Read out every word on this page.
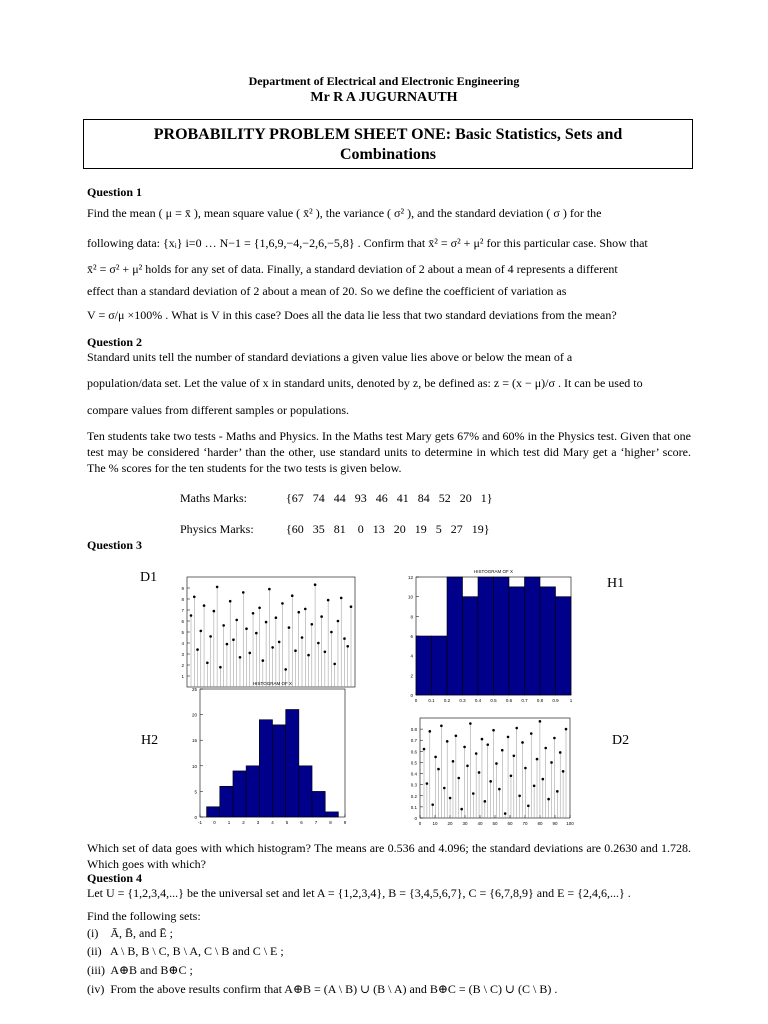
Department of Electrical and Electronic Engineering
Mr R A JUGURNAUTH
PROBABILITY PROBLEM SHEET ONE: Basic Statistics, Sets and
Combinations
Question 1
Find the mean ( μ = x̄ ), mean square value ( x̄² ), the variance ( σ² ), and the standard deviation ( σ ) for the
following data: {xᵢ} i=0 … N−1 = {1,6,9,−4,−2,6,−5,8} . Confirm that x̄² = σ² + μ² for this particular case. Show that
x̄² = σ² + μ² holds for any set of data. Finally, a standard deviation of 2 about a mean of 4 represents a different
effect than a standard deviation of 2 about a mean of 20. So we define the coefficient of variation as
V = σ/μ ×100% . What is V in this case? Does all the data lie less that two standard deviations from the mean?
Question 2
Standard units tell the number of standard deviations a given value lies above or below the mean of a
population/data set. Let the value of x in standard units, denoted by z, be defined as: z = (x − μ)/σ . It can be used to
compare values from different samples or populations.
Ten students take two tests - Maths and Physics. In the Maths test Mary gets 67% and 60% in the Physics test. Given that one test may be considered ‘harder’ than the other, use standard units to determine in which test did Mary get a ‘higher’ score. The % scores for the ten students for the two tests is given below.
Maths Marks:	{67   74   44   93   46   41   84   52   20   1}
Physics Marks:	{60   35   81    0   13   20   19   5   27   19}
Question 3
D1	H1
H2	D2
1
2
3
4
5
6
7
8
9
0
2
4
6
8
10
12
0 0.1 0.2 0.3 0.4 0.5 0.6 0.7 0.8 0.9 1
HISTOGRAM OF X
0
5
10
15
20
25
-1 0	1	2	3	4	5	6	7	8	9
HISTOGRAM OF X
0
0.1
0.2
0.3
0.4
0.5
0.6
0.7
0.8
0 10 20 30 40 50 60 70 80 90 100
Which set of data goes with which histogram? The means are 0.536 and 4.096; the standard deviations are 0.2630 and 1.728. Which goes with which?
Question 4
Let U = {1,2,3,4,...} be the universal set and let A = {1,2,3,4}, B = {3,4,5,6,7}, C = {6,7,8,9} and E = {2,4,6,...} .
Find the following sets:
(i)    Ā, B̄, and Ē ;
(ii)   A \ B, B \ C, B \ A, C \ B and C \ E ;
(iii)  A⊕B and B⊕C ;
(iv)  From the above results confirm that A⊕B = (A \ B) ∪ (B \ A) and B⊕C = (B \ C) ∪ (C \ B) .
